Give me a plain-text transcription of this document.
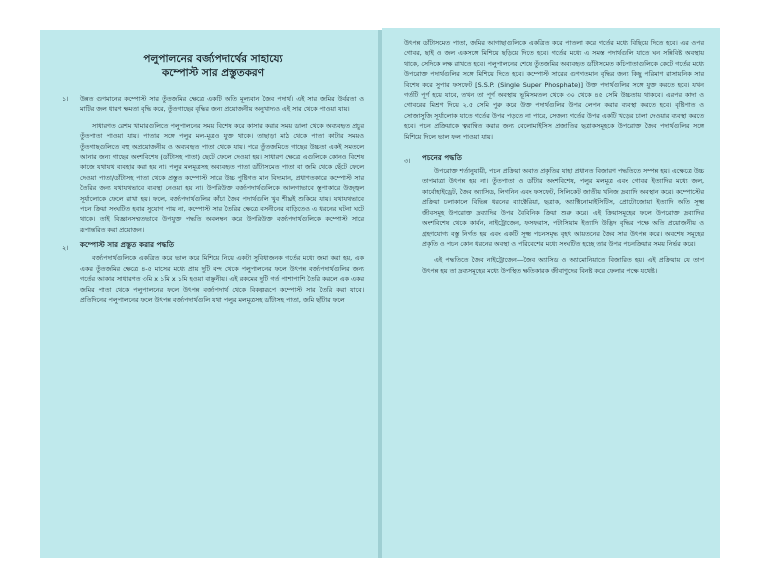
পলুপালনের বর্জ্যপদার্থের সাহায্যে
কম্পোস্ট সার প্রস্তুতকরণ
১। উন্নত গুণমানের কম্পোস্ট সার তুঁতজমির ক্ষেত্রে একটি অতি মূল্যবান জৈব পদার্থ। এই সার জমির উর্বরতা ও মাটির জল ধারণ ক্ষমতা বৃদ্ধি করে, তুঁতগাছের বৃদ্ধির জন্য প্রয়োজনীয় অনুখাদ্যও এই সার থেকে পাওয়া যায়।

সাধারণত রেশম খামারগুলিতে পলুপালনের সময় বিশেষ করে কাসার করার সময় ডালা থেকে অব্যবহৃত প্রচুর তুঁতপাতা পাওয়া যায়। পাতার সঙ্গে পলুর মল-মূত্রও যুক্ত থাকে। তাছাড়া মাঠ থেকে পাতা কাটার সময়ও তুঁতগাছগুলিতে বহু অপ্রয়োজনীয় ও অব্যবহৃত পাতা থেকে যায়। পরে তুঁতজমিতে গাছের উচ্চতা একই সমতলে আনার জন্য গাছের অংশবিশেষ (ডাঁটাসহ পাতা) ছেটে ফেলে দেওয়া হয়। সাধারণ ক্ষেত্রে এগুলিকে কোনও বিশেষ কাজে যথাযথ ব্যবহার করা হয় না। পলুর মলমূত্রসহ অব্যবহৃত পাতা ডাঁটাসমেত পাতা বা জমি থেকে ছেঁটে ফেলে দেওয়া পাতা/ডাঁটাসহ পাতা থেকে প্রস্তুত কম্পোস্ট সারে উচ্চ পুষ্টিগত মান বিদ্যমান, প্রধাণতকারে কম্পোস্ট সার তৈরির জন্য যথাযথভাবে ব্যবস্থা নেওয়া হয় না। উপরিউক্ত বর্জ্যপদার্থগুলিকে আলগাভাবে স্তূপাকারে উজ্জ্বল সূর্যালোকে ফেলে রাখা হয়। ফলে, বর্জ্যপদার্থগুলির কাঁচা জৈব পদার্থগুলি খুব শীঘ্রই শুকিয়ে যায়। যথাযথভাবে পচন ক্রিয়া সংঘটিত হবার সুযোগ পায় না, কম্পোস্ট সার তৈরির ক্ষেত্রে বসনীনের বাড়িতেও এ ধরনের ঘটনা ঘটে থাকে। তাই বিজ্ঞানসম্মতভাবে উপযুক্ত পদ্ধতি অবলম্বন করে উপরিউক্ত বর্জ্যপদার্থগুলিকে কম্পোস্ট সারে রূপান্তরিত করা প্রয়োজন।

২। কম্পোস্ট সার প্রস্তুত করার পদ্ধতি

বর্জ্যপদার্থগুলিকে একত্রিত করে ভাল করে মিশিয়ে নিয়ে একটা সুবিধাজনক গর্তের মধ্যে জমা করা হয়, এক একর তুঁতজমির ক্ষেত্রে ৪-৫ মাসের মধ্যে প্রায় দুটি বন্দ থেকে পলুপালনের ফলে উৎপন্ন বর্জ্যপদার্থগুলির জন্য গর্তের আকার সাধারণত ৩মি x ১মি x ১মি হওয়া বাঞ্ছনীয়। এই রকমের দুটি গর্ত পাশাপাশি তৈরি করলে এক একর জমির পাতা থেকে পলুপালনের ফলে উৎপন্ন বর্জ্যপদার্থ থেকে বিকল্পরূপে কম্পোস্ট সার তৈরি করা যাবে। প্রতিদিনের পলুপালনের ফলে উৎপন্ন বর্জ্যপদার্থগুলি যথা পলুর মলমূত্রসহ ডাঁটাসহ পাতা, জমি ছাঁটার ফলে

উৎপন্ন ডাঁটাসমেত পাতা, জমির আগাছাগুলিকে একত্রিত করে পাতলা করে গর্তের মধ্যে বিছিয়ে দিতে হবে। এর ওপর গোবর, ছাই ও জল একসঙ্গে মিশিয়ে ছড়িয়ে দিতে হবে। গর্তের মধ্যে এ সমস্ত পদার্থগুলি যাতে ঘন সন্নিবিষ্ট অবস্থায় থাকে, সেদিকে লক্ষ রাখতে হবে। পলুপালনের শেষে তুঁতজমির অব্যবহৃত ডাঁটাসমেত কচিপাতাগুলিকে কেটে গর্তের মধ্যে উপরোক্ত পদার্থগুলির সঙ্গে মিশিয়ে দিতে হবে। কম্পোস্ট সারের গুণগতমান বৃদ্ধির জন্য কিছু পরিমাণ রাসায়নিক সার বিশেষ করে সুপার ফসফেট [S.S.P. (Single Super Phosphate)] উক্ত পদার্থগুলির সঙ্গে যুক্ত করতে হবে। যখন গর্তটি পূর্ণ হয়ে যাবে, তখন তা পূর্ণ অবস্থায় ভূমিসমতল থেকে ৩০ থেকে ৪৫ সেমি উচ্চতায় থাকবে। এরপর কাদা ও গোবরের মিশ্রণ দিয়ে ২.৫ সেমি পুরু করে উক্ত পদার্থগুলির উপর লেপন করার ব্যবস্থা করতে হবে। বৃষ্টিপাত ও সোজাসুজি সূর্যালোক যাতে গর্তের উপর পড়তে না পারে, সেজন্য গর্তের উপর একটি খড়ের চালা দেওয়ার ব্যবস্থা করতে হবে। পচন প্রক্রিয়াকে ত্বরান্বিত করার জন্য বেলোমাইসিস প্রজাতির ছত্রাকসমূহকে উপরোক্ত জৈব পদার্থগুলির সঙ্গে মিশিয়ে দিলে ভাল ফল পাওয়া যায়।

৩। পচনের পদ্ধতি

উপরোক্ত শর্তানুযায়ী, পচন প্রক্রিয়া অবাত প্রকৃতির যাহা প্রধানত বিজারণ পদ্ধতিতে সম্পন্ন হয়। এক্ষেত্রে উচ্চ তাপমাত্রা উৎপন্ন হয় না। তুঁতপাতা ও ডাঁটার অংশবিশেষ, পলুর মলমূত্র এবং গোবর ইত্যাদির মধ্যে জল, কার্বোহাইড্রেট, জৈব অ্যাসিড, লিগনিন এবং ফসফেট, সিলিকেট জাতীয় খনিজ দ্রব্যাদি অবস্থান করে। কম্পোস্টের প্রক্রিয়া চলাকালে বিভিন্ন ধরনের ব্যাক্টেরিয়া, ছত্রাক, অ্যাক্টিনোমাইসিটিস, প্রোটোজোয়া ইত্যাদি অতি সূক্ষ্ম জীবসমূহ উপরোক্ত দ্রব্যাদির উপর বৈবিনিক ক্রিয়া শুরু করে। এই ক্রিয়াসমূহের ফলে উপরোক্ত দ্রব্যাদির অংশবিশেষ থেকে কার্বন, নাইট্রোজেন, ফসফরাস, পটাসিয়াম ইত্যাদি উদ্ভিদ বৃদ্ধির পক্ষে অতি প্রয়োজনীয় ও গ্রহণযোগ্য বস্তু নির্গত হয় এবং একটি সূক্ষ্ম পচনসমৃদ্ধ বৃহৎ আয়তনের জৈব সার উৎপন্ন করে। অবশেষ সমূহের প্রকৃতি ও পচন কোন ধরনের অবস্থা ও পরিবেশের মধ্যে সংঘটিত হচ্ছে তার উপর পচনক্রিয়ার সময় নির্ভর করে।

এই পদ্ধতিতে জৈব নাইট্রোজেন—জৈব অ্যাসিড ও অ্যামোনিয়াতে বিজারিত হয়। এই প্রক্রিয়ায় যে তাপ উৎপন্ন হয় তা দ্রব্যসমূহের মধ্যে উপস্থিত ক্ষতিকারক জীবাণুদের বিনষ্ট করে ফেলার পক্ষে যথেষ্ট।
